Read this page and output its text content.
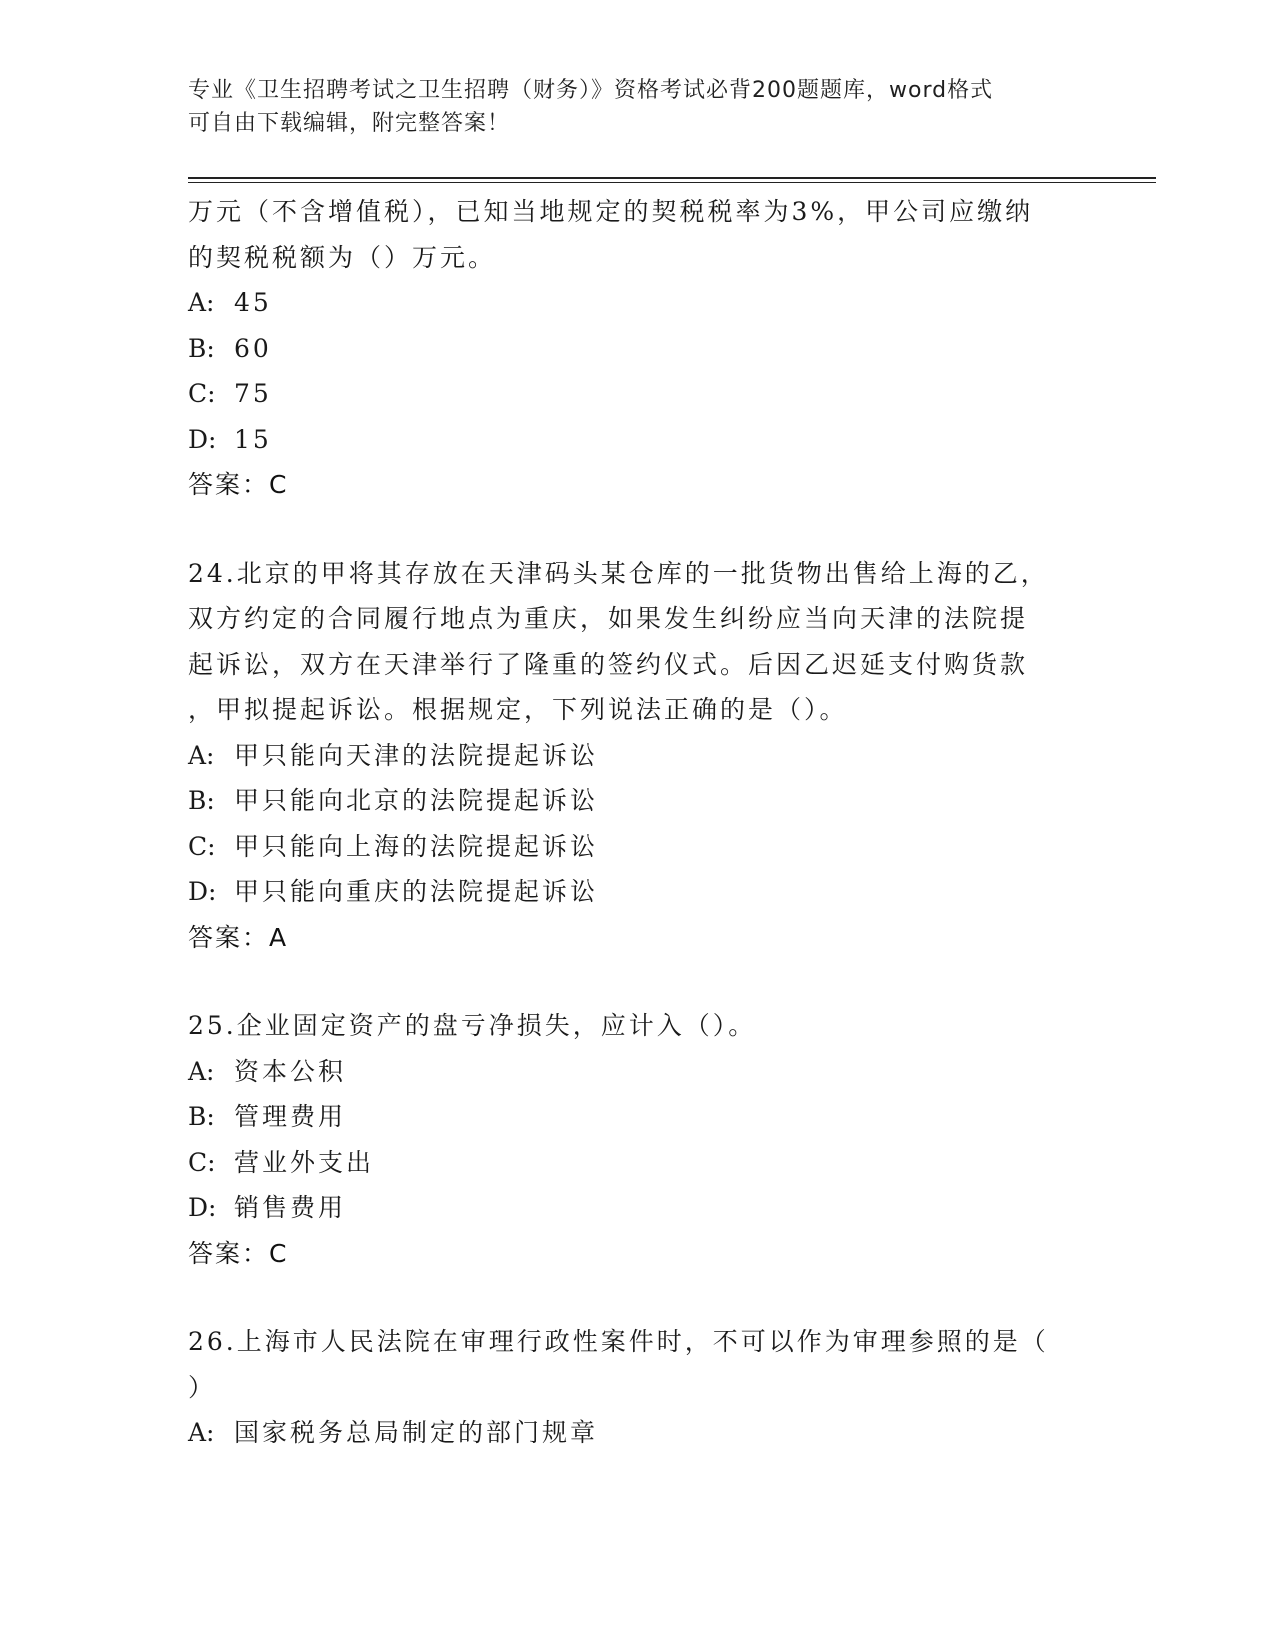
专业《卫生招聘考试之卫生招聘（财务）》资格考试必背200题题库，word格式
可自由下载编辑，附完整答案！
万元（不含增值税），已知当地规定的契税税率为3%，甲公司应缴纳
的契税税额为（）万元。
A: 45
B: 60
C: 75
D: 15
答案：C
24.北京的甲将其存放在天津码头某仓库的一批货物出售给上海的乙，
双方约定的合同履行地点为重庆，如果发生纠纷应当向天津的法院提
起诉讼，双方在天津举行了隆重的签约仪式。后因乙迟延支付购货款
，甲拟提起诉讼。根据规定，下列说法正确的是（）。
A: 甲只能向天津的法院提起诉讼
B: 甲只能向北京的法院提起诉讼
C: 甲只能向上海的法院提起诉讼
D: 甲只能向重庆的法院提起诉讼
答案：A
25.企业固定资产的盘亏净损失，应计入（）。
A: 资本公积
B: 管理费用
C: 营业外支出
D: 销售费用
答案：C
26.上海市人民法院在审理行政性案件时，不可以作为审理参照的是（
）
A: 国家税务总局制定的部门规章
